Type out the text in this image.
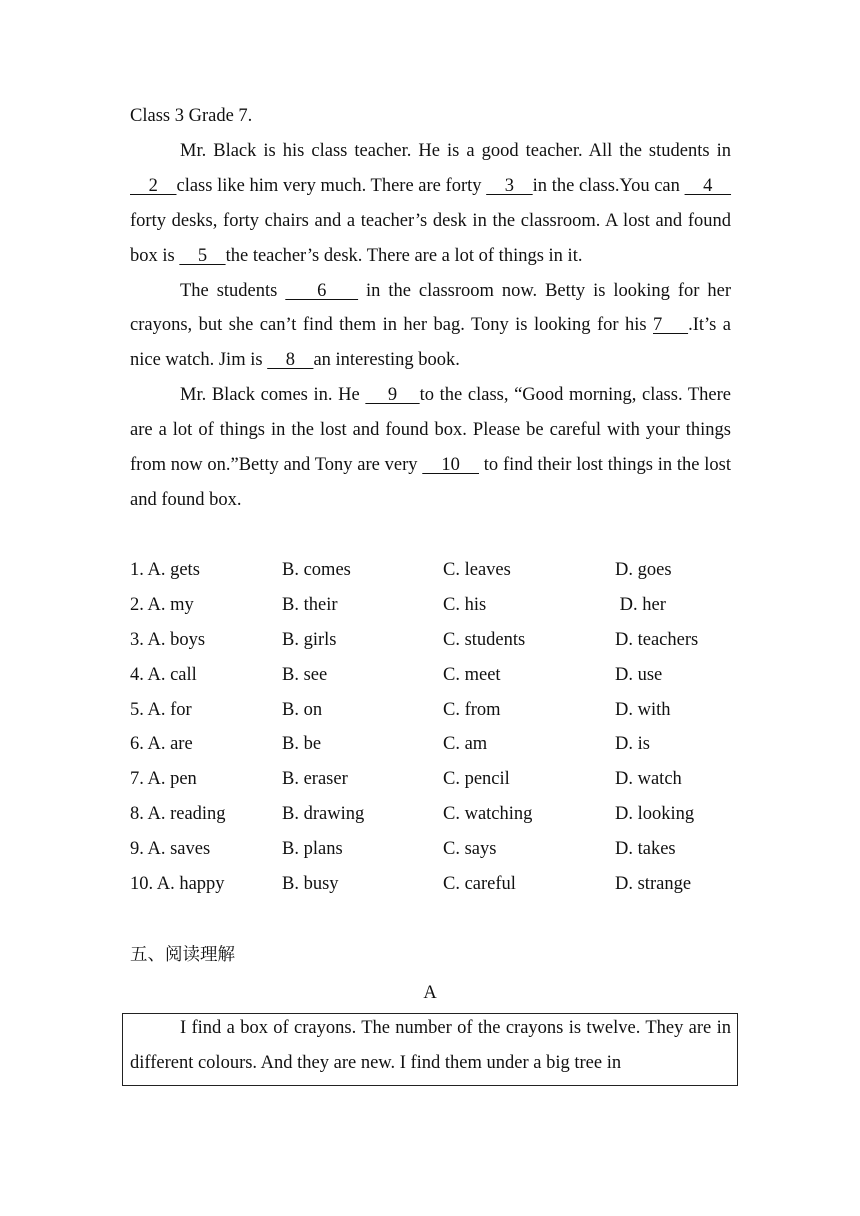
Class 3 Grade 7.

Mr. Black is his class teacher. He is a good teacher. All the students in    2    class like him very much. There are forty     3    in the class.You can     4     forty desks, forty chairs and a teacher’s desk in the classroom. A lost and found box is     5    the teacher’s desk. There are a lot of things in it.

The students     6     in the classroom now. Betty is looking for her crayons, but she can’t find them in her bag. Tony is looking for his 7    .It’s a nice watch. Jim is     8    an interesting book.

Mr. Black comes in. He     9    to the class, “Good morning, class. There are a lot of things in the lost and found box. Please be careful with your things from now on.”Betty and Tony are very     10     to find their lost things in the lost and found box.

1. A. gets	B. comes	C. leaves	D. goes
2. A. my	B. their	C. his	D. her
3. A. boys	B. girls	C. students	D. teachers
4. A. call	B. see	C. meet	D. use
5. A. for	B. on	C. from	D. with
6. A. are	B. be	C. am	D. is
7. A. pen	B. eraser	C. pencil	D. watch
8. A. reading	B. drawing	C. watching	D. looking
9. A. saves	B. plans	C. says	D. takes
10. A. happy	B. busy	C. careful	D. strange
五、阅读理解
A
I find a box of crayons. The number of the crayons is twelve. They are in different colours. And they are new. I find them under a big tree in
